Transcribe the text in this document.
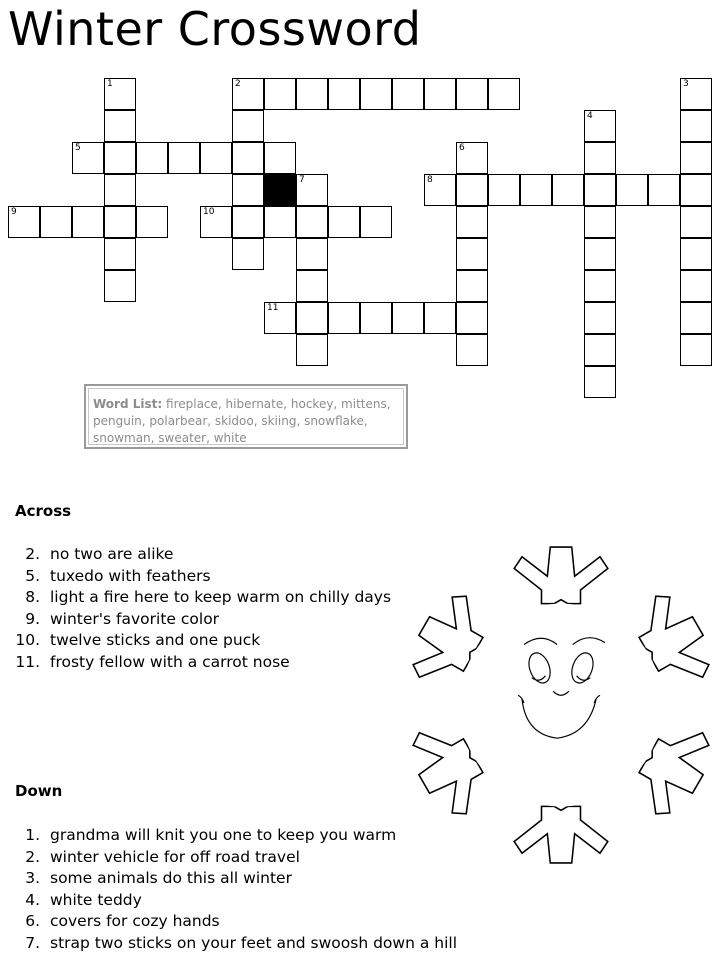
Winter Crossword
2
5
8
9	10
11
1	3
4
6
7
Word List: fireplace, hibernate, hockey, mittens, penguin, polarbear, skidoo, skiing, snowflake, snowman, sweater, white
Across
2. no two are alike
5. tuxedo with feathers
8. light a fire here to keep warm on chilly days
9. winter's favorite color
10. twelve sticks and one puck
11. frosty fellow with a carrot nose
Down
1. grandma will knit you one to keep you warm
2. winter vehicle for off road travel
3. some animals do this all winter
4. white teddy
6. covers for cozy hands
7. strap two sticks on your feet and swoosh down a hill
